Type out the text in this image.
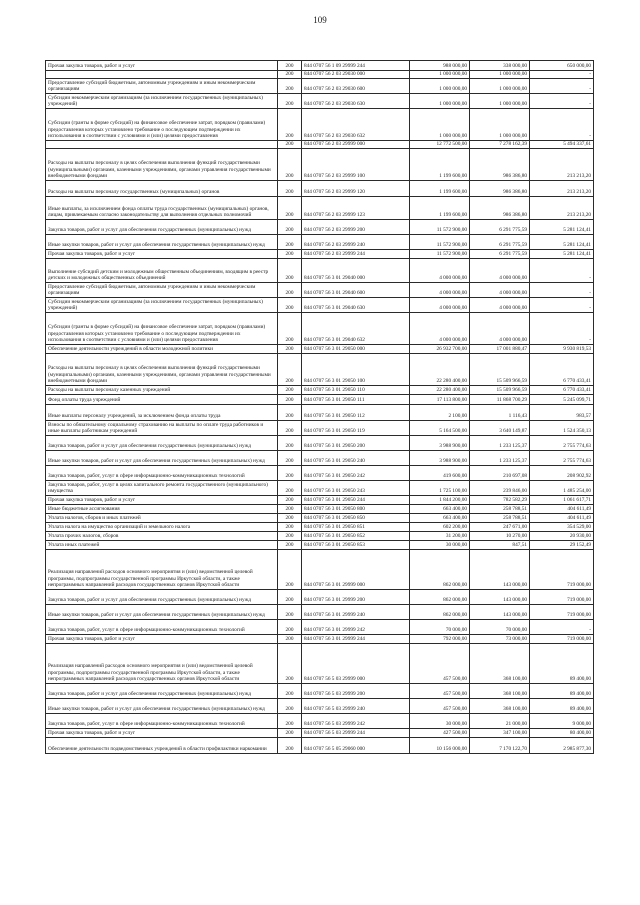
109
Прочая закупка товаров, работ и услуг	200	844 0707 56 1 09 29999 244	988 000,00	338 000,00	650 000,00
	200	844 0707 56 2 03 29030 000	1 000 000,00	1 000 000,00	-
Предоставление субсидий бюджетным, автономным учреждениям и иным некоммерческим организациям	200	844 0707 56 2 03 29030 600	1 000 000,00	1 000 000,00	-
Субсидии некоммерческим организациям (за исключением государственных (муниципальных) учреждений)	200	844 0707 56 2 03 29030 630	1 000 000,00	1 000 000,00	-
Субсидии (гранты в форме субсидий) на финансовое обеспечение затрат, порядком (правилами) предоставления которых установлено требование о последующем подтверждении их использования в соответствии с условиями и (или) целями предоставления	200	844 0707 56 2 03 29030 632	1 000 000,00	1 000 000,00	-
	200	844 0707 56 2 03 29999 000	12 772 500,00	7 278 162,39	5 494 337,61
Расходы на выплаты персоналу в целях обеспечения выполнения функций государственными (муниципальными) органами, казенными учреждениями, органами управления государственными внебюджетными фондами	200	844 0707 56 2 03 29999 100	1 199 600,00	986 386,80	213 213,20
Расходы на выплаты персоналу государственных (муниципальных) органов	200	844 0707 56 2 03 29999 120	1 199 600,00	986 386,80	213 213,20
Иные выплаты, за исключением фонда оплаты труда государственных (муниципальных) органов, лицам, привлекаемым согласно законодательству для выполнения отдельных полномочий	200	844 0707 56 2 03 29999 123	1 199 600,00	986 386,80	213 213,20
Закупка товаров, работ и услуг для обеспечения государственных (муниципальных) нужд	200	844 0707 56 2 03 29999 200	11 572 900,00	6 291 775,59	5 281 124,41
Иные закупки товаров, работ и услуг для обеспечения государственных (муниципальных) нужд	200	844 0707 56 2 03 29999 240	11 572 900,00	6 291 775,59	5 281 124,41
Прочая закупка товаров, работ и услуг	200	844 0707 56 2 03 29999 244	11 572 900,00	6 291 775,59	5 281 124,41
Выполнение субсидий детским и молодежным общественным объединениям, входящим в реестр детских и молодежных общественных объединений	200	844 0707 56 3 01 29040 000	4 000 000,00	4 000 000,00	-
Предоставление субсидий бюджетным, автономным учреждениям и иным некоммерческим организациям	200	844 0707 56 3 01 29040 600	4 000 000,00	4 000 000,00	-
Субсидии некоммерческим организациям (за исключением государственных (муниципальных) учреждений)	200	844 0707 56 3 01 29040 630	4 000 000,00	4 000 000,00	-
Субсидии (гранты в форме субсидий) на финансовое обеспечение затрат, порядком (правилами) предоставления которых установлено требование о последующем подтверждении их использования в соответствии с условиями и (или) целями предоставления	200	844 0707 56 3 01 29040 632	4 000 000,00	4 000 000,00	-
Обеспечение деятельности учреждений в области молодежной политики	200	844 0707 56 3 01 29050 000	26 932 700,00	17 001 880,47	9 930 819,53
Расходы на выплаты персоналу в целях обеспечения выполнения функций государственными (муниципальными) органами, казенными учреждениями, органами управления государственными внебюджетными фондами	200	844 0707 56 3 01 29050 100	22 280 400,00	15 509 966,59	6 770 433,41
Расходы на выплаты персоналу казенных учреждений	200	844 0707 56 3 01 29050 110	22 280 400,00	15 509 966,59	6 770 433,41
Фонд оплаты труда учреждений	200	844 0707 56 3 01 29050 111	17 113 800,00	11 868 700,29	5 245 099,71
Иные выплаты персоналу учреждений, за исключением фонда оплаты труда	200	844 0707 56 3 01 29050 112	2 100,00	1 116,43	983,57
Взносы по обязательному социальному страхованию на выплаты по оплате труда работников и иные выплаты работникам учреждений	200	844 0707 56 3 01 29050 119	5 164 500,00	3 640 149,87	1 524 350,13
Закупка товаров, работ и услуг для обеспечения государственных (муниципальных) нужд	200	844 0707 56 3 01 29050 200	3 988 900,00	1 233 125,37	2 755 774,63
Иные закупки товаров, работ и услуг для обеспечения государственных (муниципальных) нужд	200	844 0707 56 3 01 29050 240	3 988 900,00	1 233 125,37	2 755 774,63
Закупка товаров, работ, услуг в сфере информационно-коммуникационных технологий	200	844 0707 56 3 01 29050 242	419 600,00	210 697,08	208 902,92
Закупка товаров, работ, услуг в целях капитального ремонта государственного (муниципального) имущества	200	844 0707 56 3 01 29050 243	1 725 100,00	239 846,00	1 485 254,00
Прочая закупка товаров, работ и услуг	200	844 0707 56 3 01 29050 244	1 844 200,00	782 582,29	1 061 617,71
Иные бюджетные ассигнования	200	844 0707 56 3 01 29050 800	663 400,00	258 788,51	404 611,49
Уплата налогов, сборов и иных платежей	200	844 0707 56 3 01 29050 850	663 400,00	258 788,51	404 611,49
Уплата налога на имущество организаций и земельного налога	200	844 0707 56 3 01 29050 851	602 200,00	247 671,00	354 529,00
Уплата прочих налогов, сборов	200	844 0707 56 3 01 29050 852	31 200,00	10 270,00	20 930,00
Уплата иных платежей	200	844 0707 56 3 01 29050 853	30 000,00	847,51	29 152,49
Реализация направлений расходов основного мероприятия и (или) ведомственной целевой программы, подпрограммы государственной программы Иркутской области, а также непрограммных направлений расходов государственных органов Иркутской области	200	844 0707 56 3 01 29999 000	862 000,00	143 000,00	719 000,00
Закупка товаров, работ и услуг для обеспечения государственных (муниципальных) нужд	200	844 0707 56 3 01 29999 200	862 000,00	143 000,00	719 000,00
Иные закупки товаров, работ и услуг для обеспечения государственных (муниципальных) нужд	200	844 0707 56 3 01 29999 240	862 000,00	143 000,00	719 000,00
Закупка товаров, работ, услуг в сфере информационно-коммуникационных технологий	200	844 0707 56 3 01 29999 242	70 000,00	70 000,00	-
Прочая закупка товаров, работ и услуг	200	844 0707 56 3 01 29999 244	792 000,00	73 000,00	719 000,00
Реализация направлений расходов основного мероприятия и (или) ведомственной целевой программы, подпрограммы государственной программы Иркутской области, а также непрограммных направлений расходов государственных органов Иркутской области	200	844 0707 56 5 03 29999 000	457 500,00	368 100,00	89 400,00
Закупка товаров, работ и услуг для обеспечения государственных (муниципальных) нужд	200	844 0707 56 5 03 29999 200	457 500,00	368 100,00	89 400,00
Иные закупки товаров, работ и услуг для обеспечения государственных (муниципальных) нужд	200	844 0707 56 5 03 29999 240	457 500,00	368 100,00	89 400,00
Закупка товаров, работ, услуг в сфере информационно-коммуникационных технологий	200	844 0707 56 5 03 29999 242	30 000,00	21 000,00	9 000,00
Прочая закупка товаров, работ и услуг	200	844 0707 56 5 03 29999 244	427 500,00	347 100,00	80 400,00
Обеспечение деятельности подведомственных учреждений в области профилактики наркомании	200	844 0707 56 5 05 29060 000	10 156 000,00	7 170 122,70	2 985 877,30
